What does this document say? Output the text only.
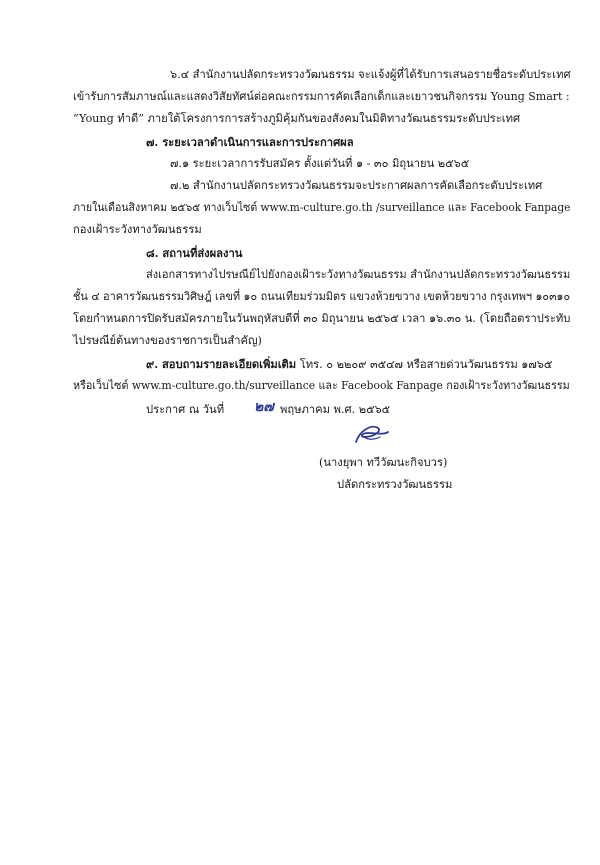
๖.๔ สำนักงานปลัดกระทรวงวัฒนธรรม จะแจ้งผู้ที่ได้รับการเสนอรายชื่อระดับประเทศ
เข้ารับการสัมภาษณ์และแสดงวิสัยทัศน์ต่อคณะกรรมการคัดเลือกเด็กและเยาวชนกิจกรรม Young Smart :
“Young ทำดี” ภายใต้โครงการการสร้างภูมิคุ้มกันของสังคมในมิติทางวัฒนธรรมระดับประเทศ
๗. ระยะเวลาดำเนินการและการประกาศผล
๗.๑ ระยะเวลาการรับสมัคร ตั้งแต่วันที่ ๑ - ๓๐ มิถุนายน ๒๕๖๕
๗.๒ สำนักงานปลัดกระทรวงวัฒนธรรมจะประกาศผลการคัดเลือกระดับประเทศ
ภายในเดือนสิงหาคม ๒๕๖๕ ทางเว็บไซต์ www.m-culture.go.th /surveillance และ Facebook Fanpage
กองเฝ้าระวังทางวัฒนธรรม
๘. สถานที่ส่งผลงาน
ส่งเอกสารทางไปรษณีย์ไปยังกองเฝ้าระวังทางวัฒนธรรม สำนักงานปลัดกระทรวงวัฒนธรรม
ชั้น ๔ อาคารวัฒนธรรมวิศิษฎ์ เลขที่ ๑๐ ถนนเทียมร่วมมิตร แขวงห้วยขวาง เขตห้วยขวาง กรุงเทพฯ ๑๐๓๑๐
โดยกำหนดการปิดรับสมัครภายในวันพฤหัสบดีที่ ๓๐ มิถุนายน ๒๕๖๕ เวลา ๑๖.๓๐ น. (โดยถือตราประทับ
ไปรษณีย์ต้นทางของราชการเป็นสำคัญ)
๙. สอบถามรายละเอียดเพิ่มเติม โทร. ๐ ๒๒๐๙ ๓๕๔๗ หรือสายด่วนวัฒนธรรม ๑๗๖๕
หรือเว็บไซต์ www.m-culture.go.th/surveillance และ Facebook Fanpage กองเฝ้าระวังทางวัฒนธรรม
ประกาศ ณ วันที่ ๒๗ พฤษภาคม พ.ศ. ๒๕๖๕
(นางยุพา ทวีวัฒนะกิจบวร)
ปลัดกระทรวงวัฒนธรรม
